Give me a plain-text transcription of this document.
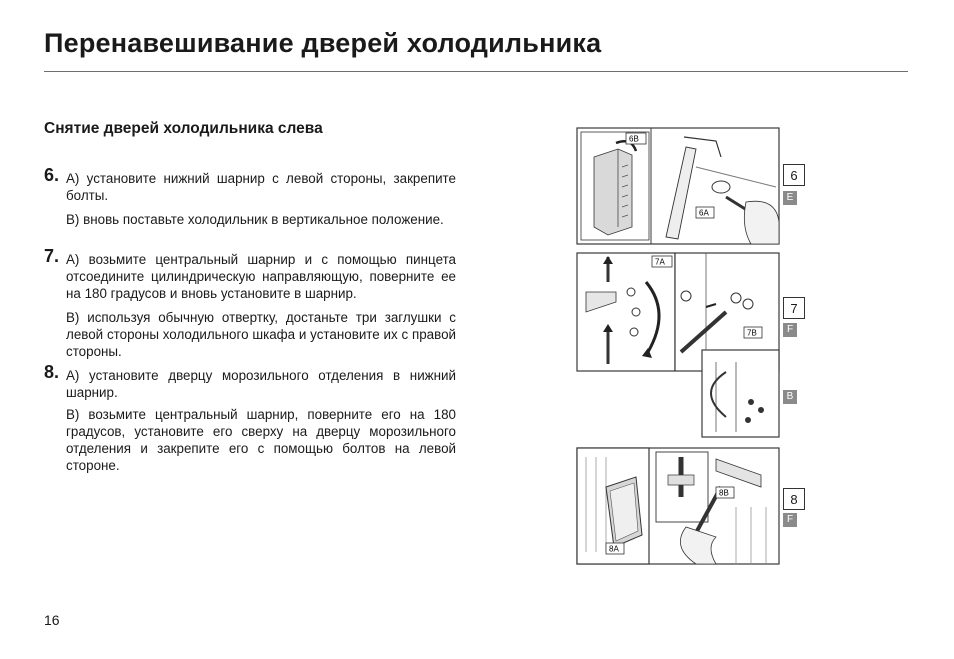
Перенавешивание дверей холодильника
Снятие дверей холодильника слева
6. А) установите нижний шарнир с левой стороны, закрепите болты.
В) вновь поставьте холодильник в вертикальное положение.
7. А) возьмите центральный шарнир и с помощью пинцета отсоедините цилиндрическую направляющую, поверните ее на 180 градусов и вновь установите в шарнир.
В) используя обычную отвертку, достаньте три заглушки с левой стороны холодильного шкафа и установите их с правой стороны.
8. А) установите дверцу морозильного отделения в нижний шарнир.
В) возьмите центральный шарнир, поверните его на 180 градусов, установите его сверху на дверцу морозильного отделения и закрепите его с помощью болтов на левой стороне.
16
6B
6A
6
E
7A
7B
7
F
B
8A
8B	8
F
